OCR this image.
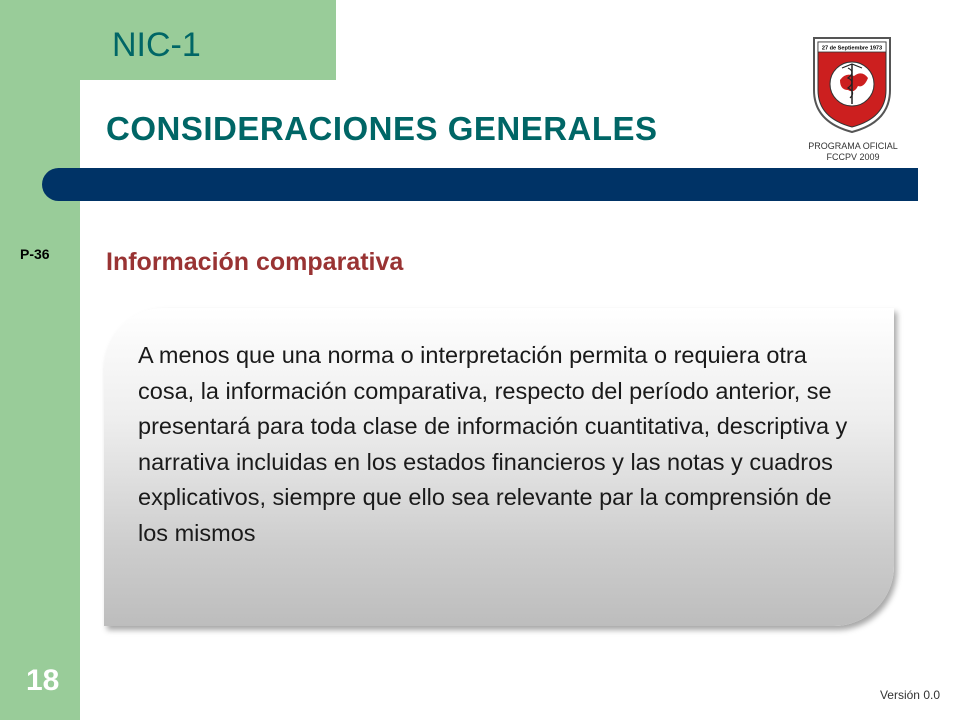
NIC-1
CONSIDERACIONES GENERALES
27 de Septiembre 1973
PROGRAMA OFICIAL
FCCPV 2009
P-36 Información comparativa

A menos que una norma o interpretación permita o requiera otra cosa, la información comparativa, respecto del período anterior, se presentará para toda clase de información cuantitativa, descriptiva y narrativa incluidas en los estados financieros y las notas y cuadros explicativos, siempre que ello sea relevante par la comprensión de los mismos

18	Versión 0.0
